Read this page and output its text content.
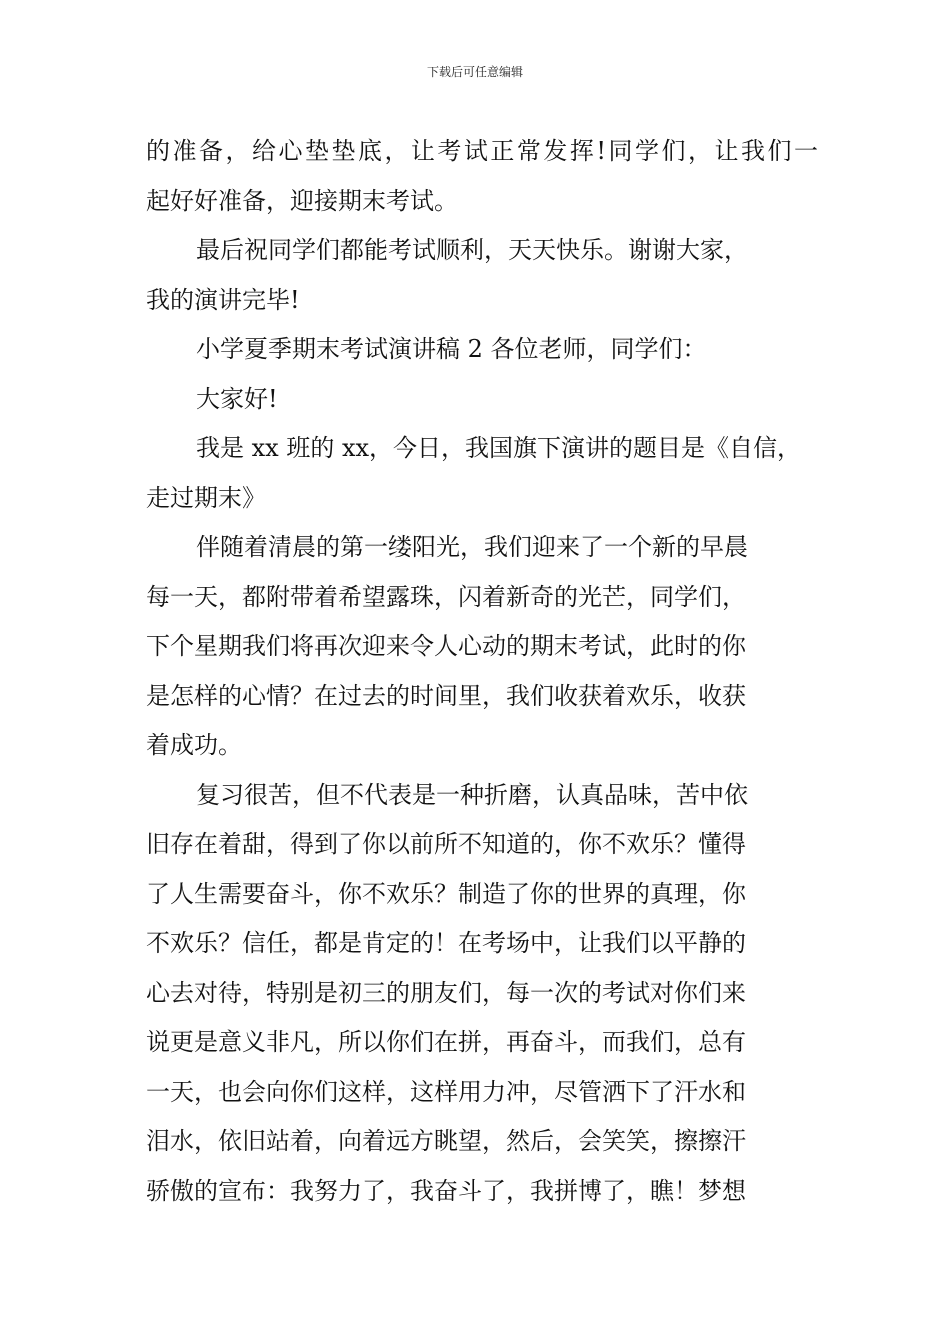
下载后可任意编辑
的准备，给心垫垫底，让考试正常发挥!同学们，让我们一
起好好准备，迎接期末考试。
最后祝同学们都能考试顺利，天天快乐。谢谢大家，
我的演讲完毕!
小学夏季期末考试演讲稿 2 各位老师，同学们：
大家好!
我是 xx 班的 xx，今日，我国旗下演讲的题目是《自信，
走过期末》
伴随着清晨的第一缕阳光，我们迎来了一个新的早晨
每一天，都附带着希望露珠，闪着新奇的光芒，同学们，
下个星期我们将再次迎来令人心动的期末考试，此时的你
是怎样的心情？在过去的时间里，我们收获着欢乐，收获
着成功。
复习很苦，但不代表是一种折磨，认真品味，苦中依
旧存在着甜，得到了你以前所不知道的，你不欢乐？懂得
了人生需要奋斗，你不欢乐？制造了你的世界的真理，你
不欢乐？信任，都是肯定的！在考场中，让我们以平静的
心去对待，特别是初三的朋友们，每一次的考试对你们来
说更是意义非凡，所以你们在拼，再奋斗，而我们，总有
一天，也会向你们这样，这样用力冲，尽管洒下了汗水和
泪水，依旧站着，向着远方眺望，然后，会笑笑，擦擦汗
骄傲的宣布：我努力了，我奋斗了，我拼博了，瞧！梦想
